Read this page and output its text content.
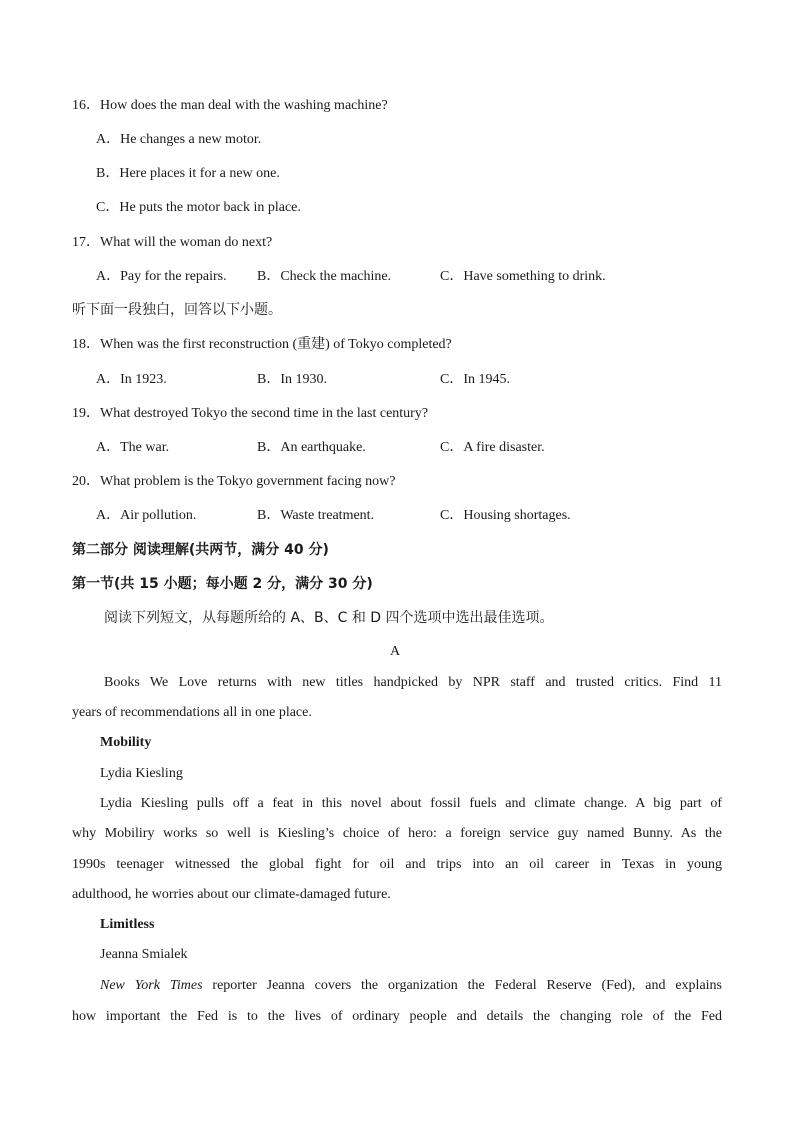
16．How does the man deal with the washing machine?
A．He changes a new motor.
B．Here places it for a new one.
C．He puts the motor back in place.
17．What will the woman do next?
A．Pay for the repairs. B．Check the machine.	C．Have something to drink.
听下面一段独白，回答以下小题。
18．When was the first reconstruction (重建) of Tokyo completed?
A．In 1923.	B．In 1930.	C．In 1945.
19．What destroyed Tokyo the second time in the last century?
A．The war.	B．An earthquake.	C．A fire disaster.
20．What problem is the Tokyo government facing now?
A．Air pollution.	B．Waste treatment.	C．Housing shortages.
第二部分 阅读理解(共两节，满分 40 分)
第一节(共 15 小题；每小题 2 分，满分 30 分)
阅读下列短文，从每题所给的 A、B、C 和 D 四个选项中选出最佳选项。
A
Books We Love returns with new titles handpicked by NPR staff and trusted critics. Find 11
years of recommendations all in one place.
Mobility
Lydia Kiesling
Lydia Kiesling pulls off a feat in this novel about fossil fuels and climate change. A big part of
why Mobiliry works so well is Kiesling’s choice of hero: a foreign service guy named Bunny. As the
1990s teenager witnessed the global fight for oil and trips into an oil career in Texas in young
adulthood, he worries about our climate-damaged future.
Limitless
Jeanna Smialek
New York Times reporter Jeanna covers the organization the Federal Reserve (Fed), and explains
how important the Fed is to the lives of ordinary people and details the changing role of the Fed
